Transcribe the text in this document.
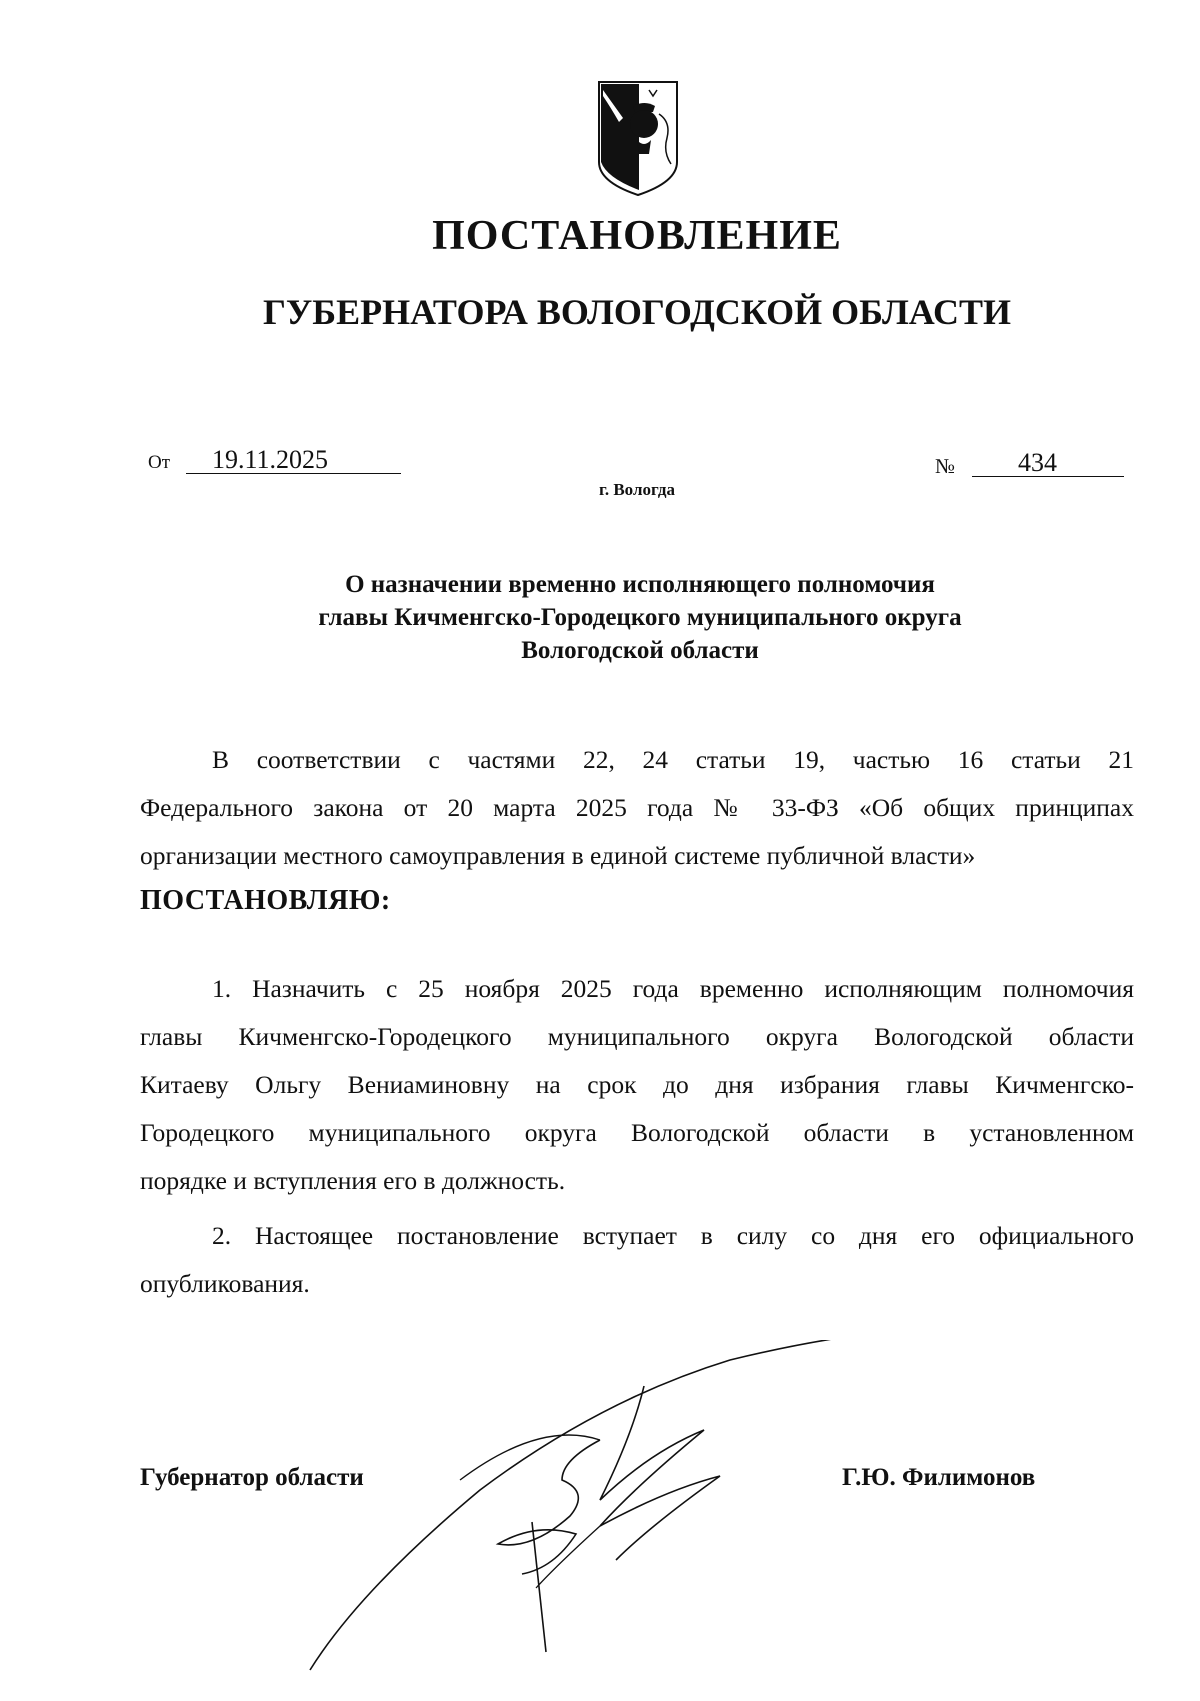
ПОСТАНОВЛЕНИЕ
ГУБЕРНАТОРА ВОЛОГОДСКОЙ ОБЛАСТИ
От 19.11.2025	№ 434
г. Вологда
О назначении временно исполняющего полномочия
главы Кичменгско-Городецкого муниципального округа
Вологодской области
В соответствии с частями 22, 24 статьи 19, частью 16 статьи 21
Федерального закона от 20 марта 2025 года № 33-ФЗ «Об общих принципах
организации местного самоуправления в единой системе публичной власти»
ПОСТАНОВЛЯЮ:
1. Назначить с 25 ноября 2025 года временно исполняющим полномочия
главы Кичменгско-Городецкого муниципального округа Вологодской области
Китаеву Ольгу Вениаминовну на срок до дня избрания главы Кичменгско-
Городецкого муниципального округа Вологодской области в установленном
порядке и вступления его в должность.
2. Настоящее постановление вступает в силу со дня его официального
опубликования.
Губернатор области	Г.Ю. Филимонов
